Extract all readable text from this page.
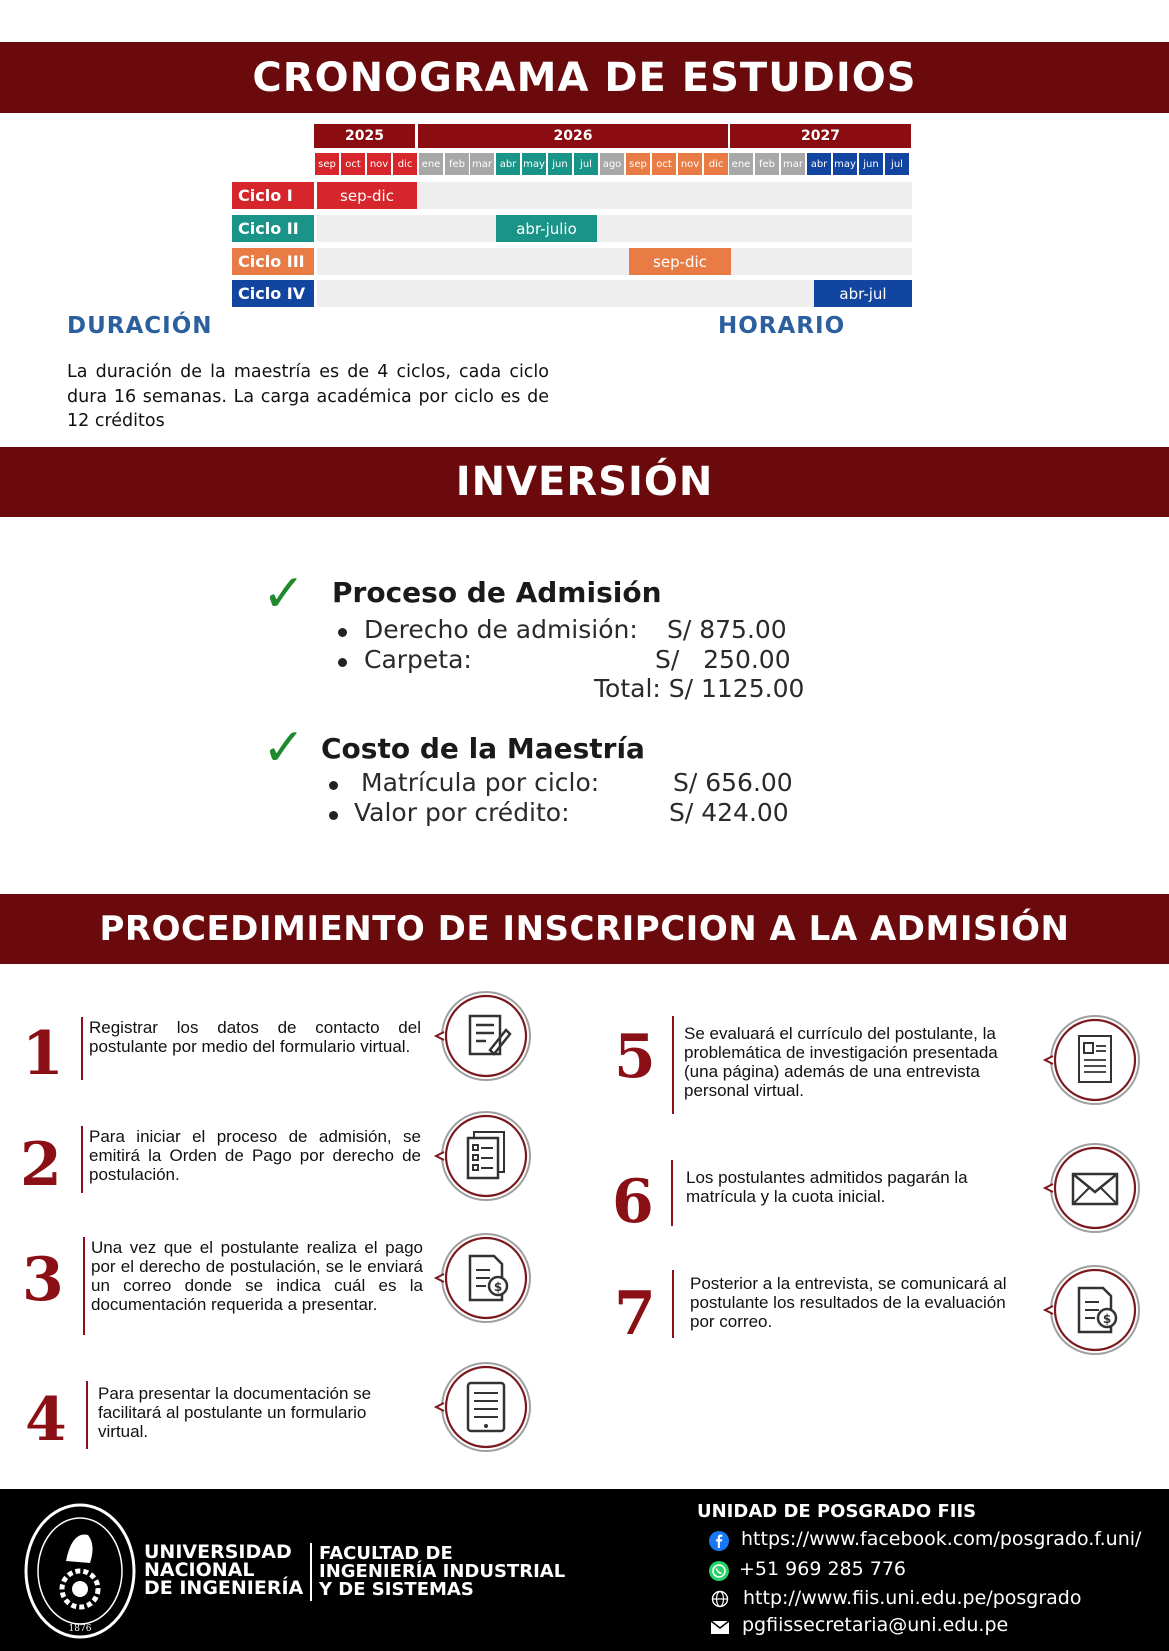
CRONOGRAMA DE ESTUDIOS
2025	2026	2027
sep oct nov dic ene feb mar abr may jun	jul	ago sep oct nov dic ene feb mar abr may jun	jul
Ciclo I	sep-dic
Ciclo II	abr-julio
Ciclo III	sep-dic
Ciclo IV	abr-jul
DURACIÓN	HORARIO
La duración de la maestría es de 4 ciclos, cada ciclo dura 16 semanas. La carga académica por ciclo es de 12 créditos
INVERSIÓN
✓ Proceso de Admisión
Derecho de admisión: S/ 875.00
Carpeta:	S/   250.00
Total: S/ 1125.00
✓ Costo de la Maestría
Matrícula por ciclo:	S/ 656.00
Valor por crédito:	S/ 424.00
PROCEDIMIENTO DE INSCRIPCION A LA ADMISIÓN
1 Registrar los datos de contacto del postulante por medio del formulario virtual.
2 Para iniciar el proceso de admisión, se emitirá la Orden de Pago por derecho de postulación.
3 Una vez que el postulante realiza el pago por el derecho de postulación, se le enviará un correo donde se indica cuál es la documentación requerida a presentar.
$
4 Para presentar la documentación se facilitará al postulante un formulario virtual.
5 Se evaluará el currículo del postulante, la problemática de investigación presentada (una página) además de una entrevista personal virtual.
6 Los postulantes admitidos pagarán la matrícula y la cuota inicial.
7 Posterior a la entrevista, se comunicará al postulante los resultados de la evaluación por correo.	$
1876
UNIVERSIDAD
NACIONAL
DE INGENIERÍA
FACULTAD DE
INGENIERÍA INDUSTRIAL
Y DE SISTEMAS
UNIDAD DE POSGRADO FIIS
https://www.facebook.com/posgrado.f.uni/
+51 969 285 776
http://www.fiis.uni.edu.pe/posgrado
pgfiissecretaria@uni.edu.pe
